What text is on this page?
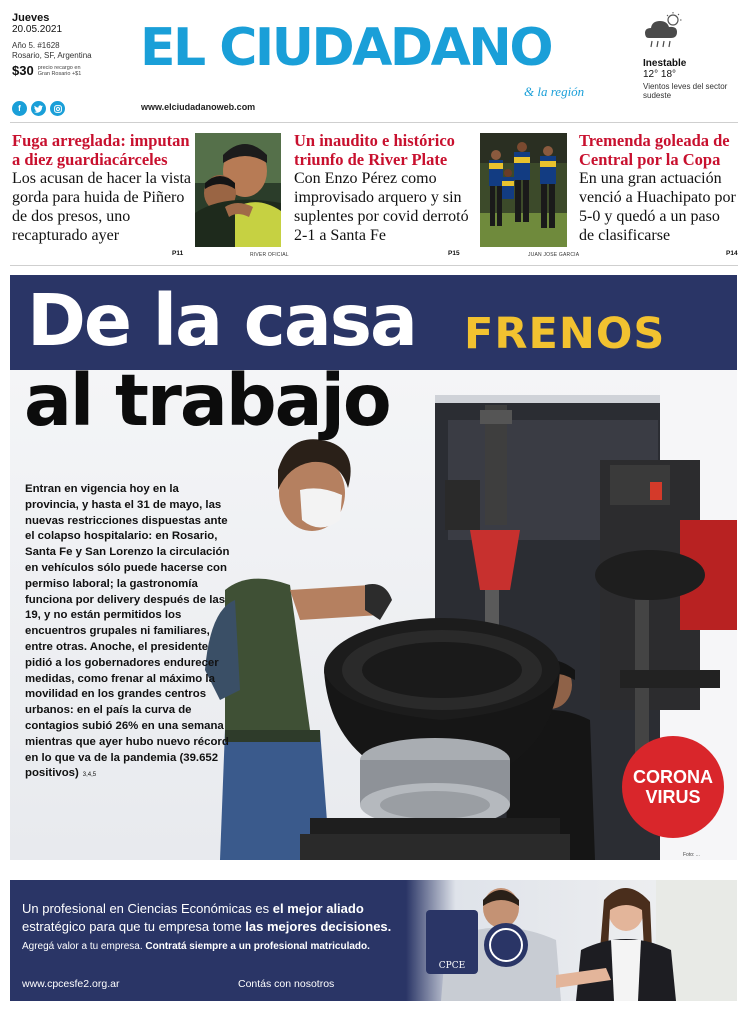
Jueves
20.05.2021
Año 5. #1628
Rosario, SF, Argentina
$30 precio recargo en Gran Rosario +$1
f
EL CIUDADANO
& la región
www.elciudadanoweb.com
Inestable
12° 18°
Vientos leves del sector sudeste
Fuga arreglada: imputan a diez guardiacárceles
Los acusan de hacer la vista gorda para huida de Piñero de dos presos, uno recapturado ayer
RIVER OFICIAL
P11
Un inaudito e histórico triunfo de River Plate
Con Enzo Pérez como improvisado arquero y sin suplentes por covid derrotó 2-1 a Santa Fe
P15	JUAN JOSE GARCIA
Tremenda goleada de Central por la Copa
En una gran actuación venció a Huachipato por 5-0 y quedó a un paso de clasificarse
P14
FRENOS
De la casa
al trabajo
Entran en vigencia hoy en la provincia, y hasta el 31 de mayo, las nuevas restricciones dispuestas ante el colapso hospitalario: en Rosario, Santa Fe y San Lorenzo la circulación en vehículos sólo puede hacerse con permiso laboral; la gastronomía funciona por delivery después de las 19, y no están permitidos los encuentros grupales ni familiares, entre otras. Anoche, el presidente pidió a los gobernadores endurecer medidas, como frenar al máximo la movilidad en los grandes centros urbanos: en el país la curva de contagios subió 26% en una semana mientras que ayer hubo nuevo récord en lo que va de la pandemia (39.652 positivos) 3,4,5	CORONA VIRUS
Foto: ...
Un profesional en Ciencias Económicas es el mejor aliado
estratégico para que tu empresa tome las mejores decisiones.
Agregá valor a tu empresa. Contratá siempre a un profesional matriculado.
www.cpcesfe2.org.ar	Contás con nosotros
CPCE
